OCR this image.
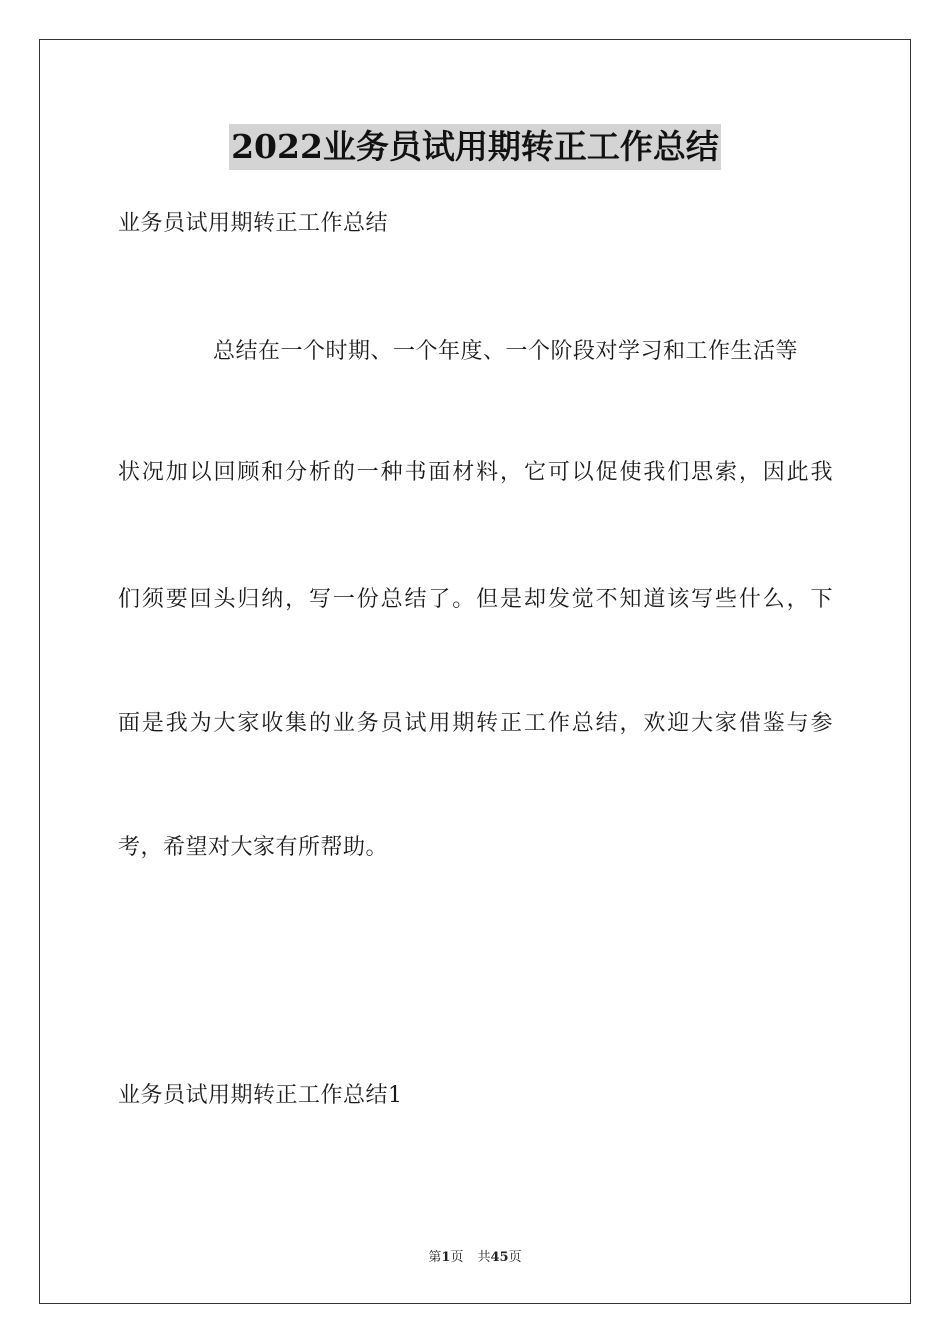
2022业务员试用期转正工作总结
业务员试用期转正工作总结
总结在一个时期、一个年度、一个阶段对学习和工作生活等
状况加以回顾和分析的一种书面材料，它可以促使我们思索，因此我
们须要回头归纳，写一份总结了。但是却发觉不知道该写些什么，下
面是我为大家收集的业务员试用期转正工作总结，欢迎大家借鉴与参
考，希望对大家有所帮助。
业务员试用期转正工作总结1
第1页 共45页
